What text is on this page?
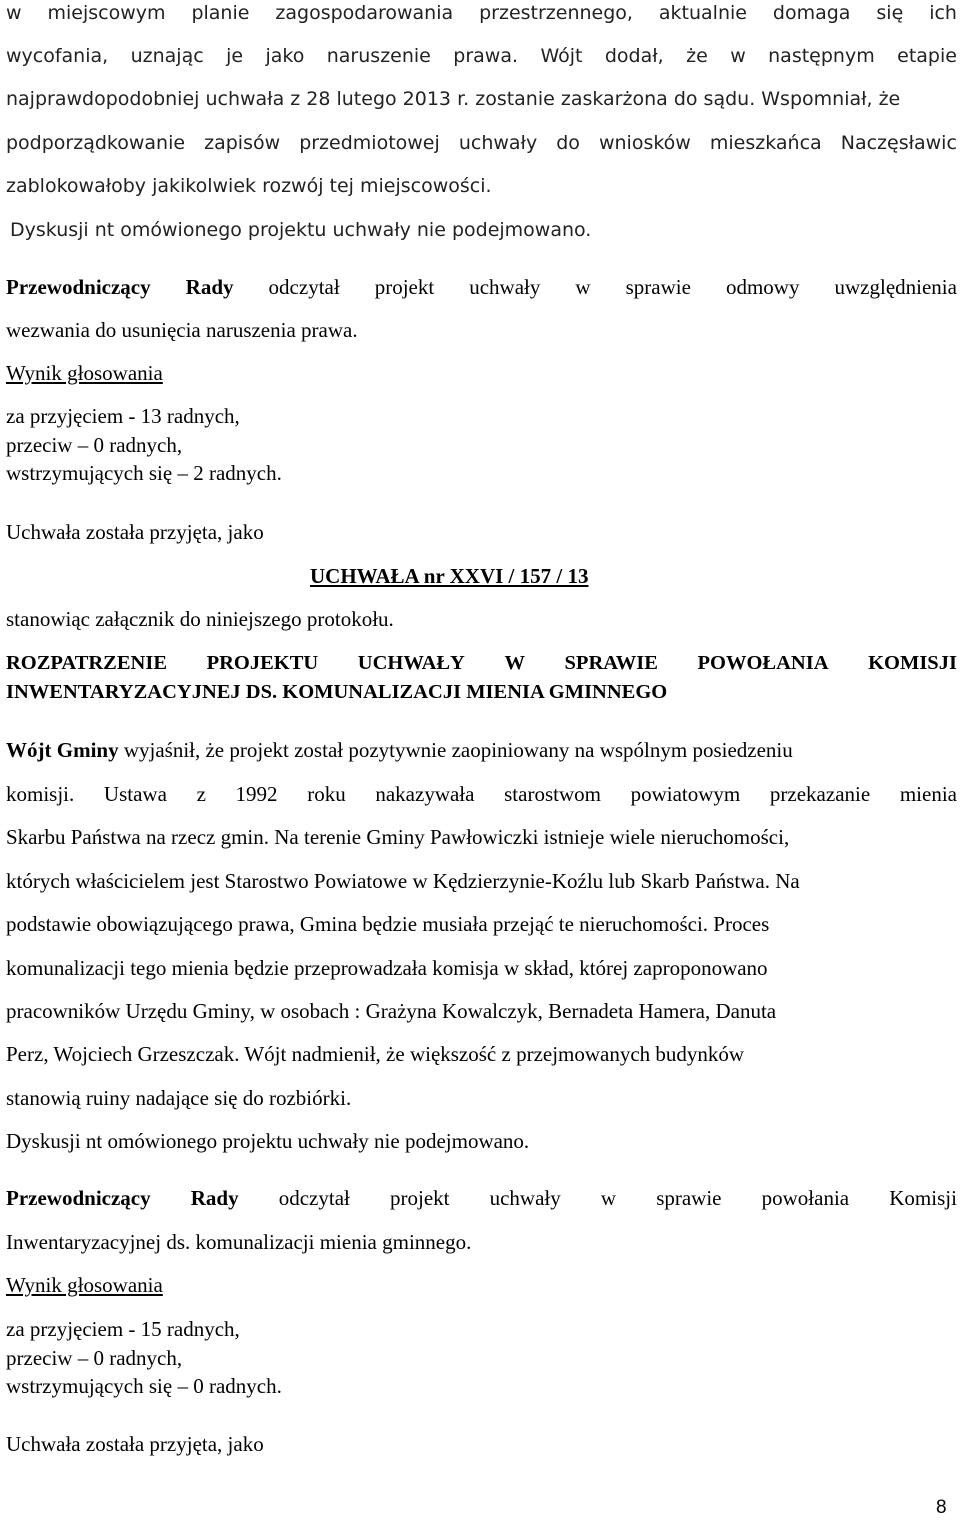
w miejscowym planie zagospodarowania przestrzennego, aktualnie domaga się ich
wycofania, uznając je jako naruszenie prawa. Wójt dodał, że w następnym etapie
najprawdopodobniej uchwała z 28 lutego 2013 r. zostanie zaskarżona do sądu. Wspomniał, że
podporządkowanie zapisów przedmiotowej uchwały do wniosków mieszkańca Naczęsławic
zablokowałoby jakikolwiek rozwój tej miejscowości.
Dyskusji nt omówionego projektu uchwały nie podejmowano.
Przewodniczący Rady odczytał projekt uchwały w sprawie odmowy uwzględnienia
wezwania do usunięcia naruszenia prawa.
Wynik głosowania
za przyjęciem - 13 radnych,
przeciw – 0 radnych,
wstrzymujących się – 2 radnych.
Uchwała została przyjęta, jako
UCHWAŁA nr XXVI / 157 / 13
stanowiąc załącznik do niniejszego protokołu.
ROZPATRZENIE PROJEKTU UCHWAŁY W SPRAWIE POWOŁANIA KOMISJI
INWENTARYZACYJNEJ DS. KOMUNALIZACJI MIENIA GMINNEGO
Wójt Gminy wyjaśnił, że projekt został pozytywnie zaopiniowany na wspólnym posiedzeniu
komisji. Ustawa z 1992 roku nakazywała starostwom powiatowym przekazanie mienia
Skarbu Państwa na rzecz gmin. Na terenie Gminy Pawłowiczki istnieje wiele nieruchomości,
których właścicielem jest Starostwo Powiatowe w Kędzierzynie-Koźlu lub Skarb Państwa. Na
podstawie obowiązującego prawa, Gmina będzie musiała przejąć te nieruchomości. Proces
komunalizacji tego mienia będzie przeprowadzała komisja w skład, której zaproponowano
pracowników Urzędu Gminy, w osobach : Grażyna Kowalczyk, Bernadeta Hamera, Danuta
Perz, Wojciech Grzeszczak. Wójt nadmienił, że większość z przejmowanych budynków
stanowią ruiny nadające się do rozbiórki.
Dyskusji nt omówionego projektu uchwały nie podejmowano.
Przewodniczący Rady odczytał projekt uchwały w sprawie powołania Komisji
Inwentaryzacyjnej ds. komunalizacji mienia gminnego.
Wynik głosowania
za przyjęciem - 15 radnych,
przeciw – 0 radnych,
wstrzymujących się – 0 radnych.
Uchwała została przyjęta, jako
8
